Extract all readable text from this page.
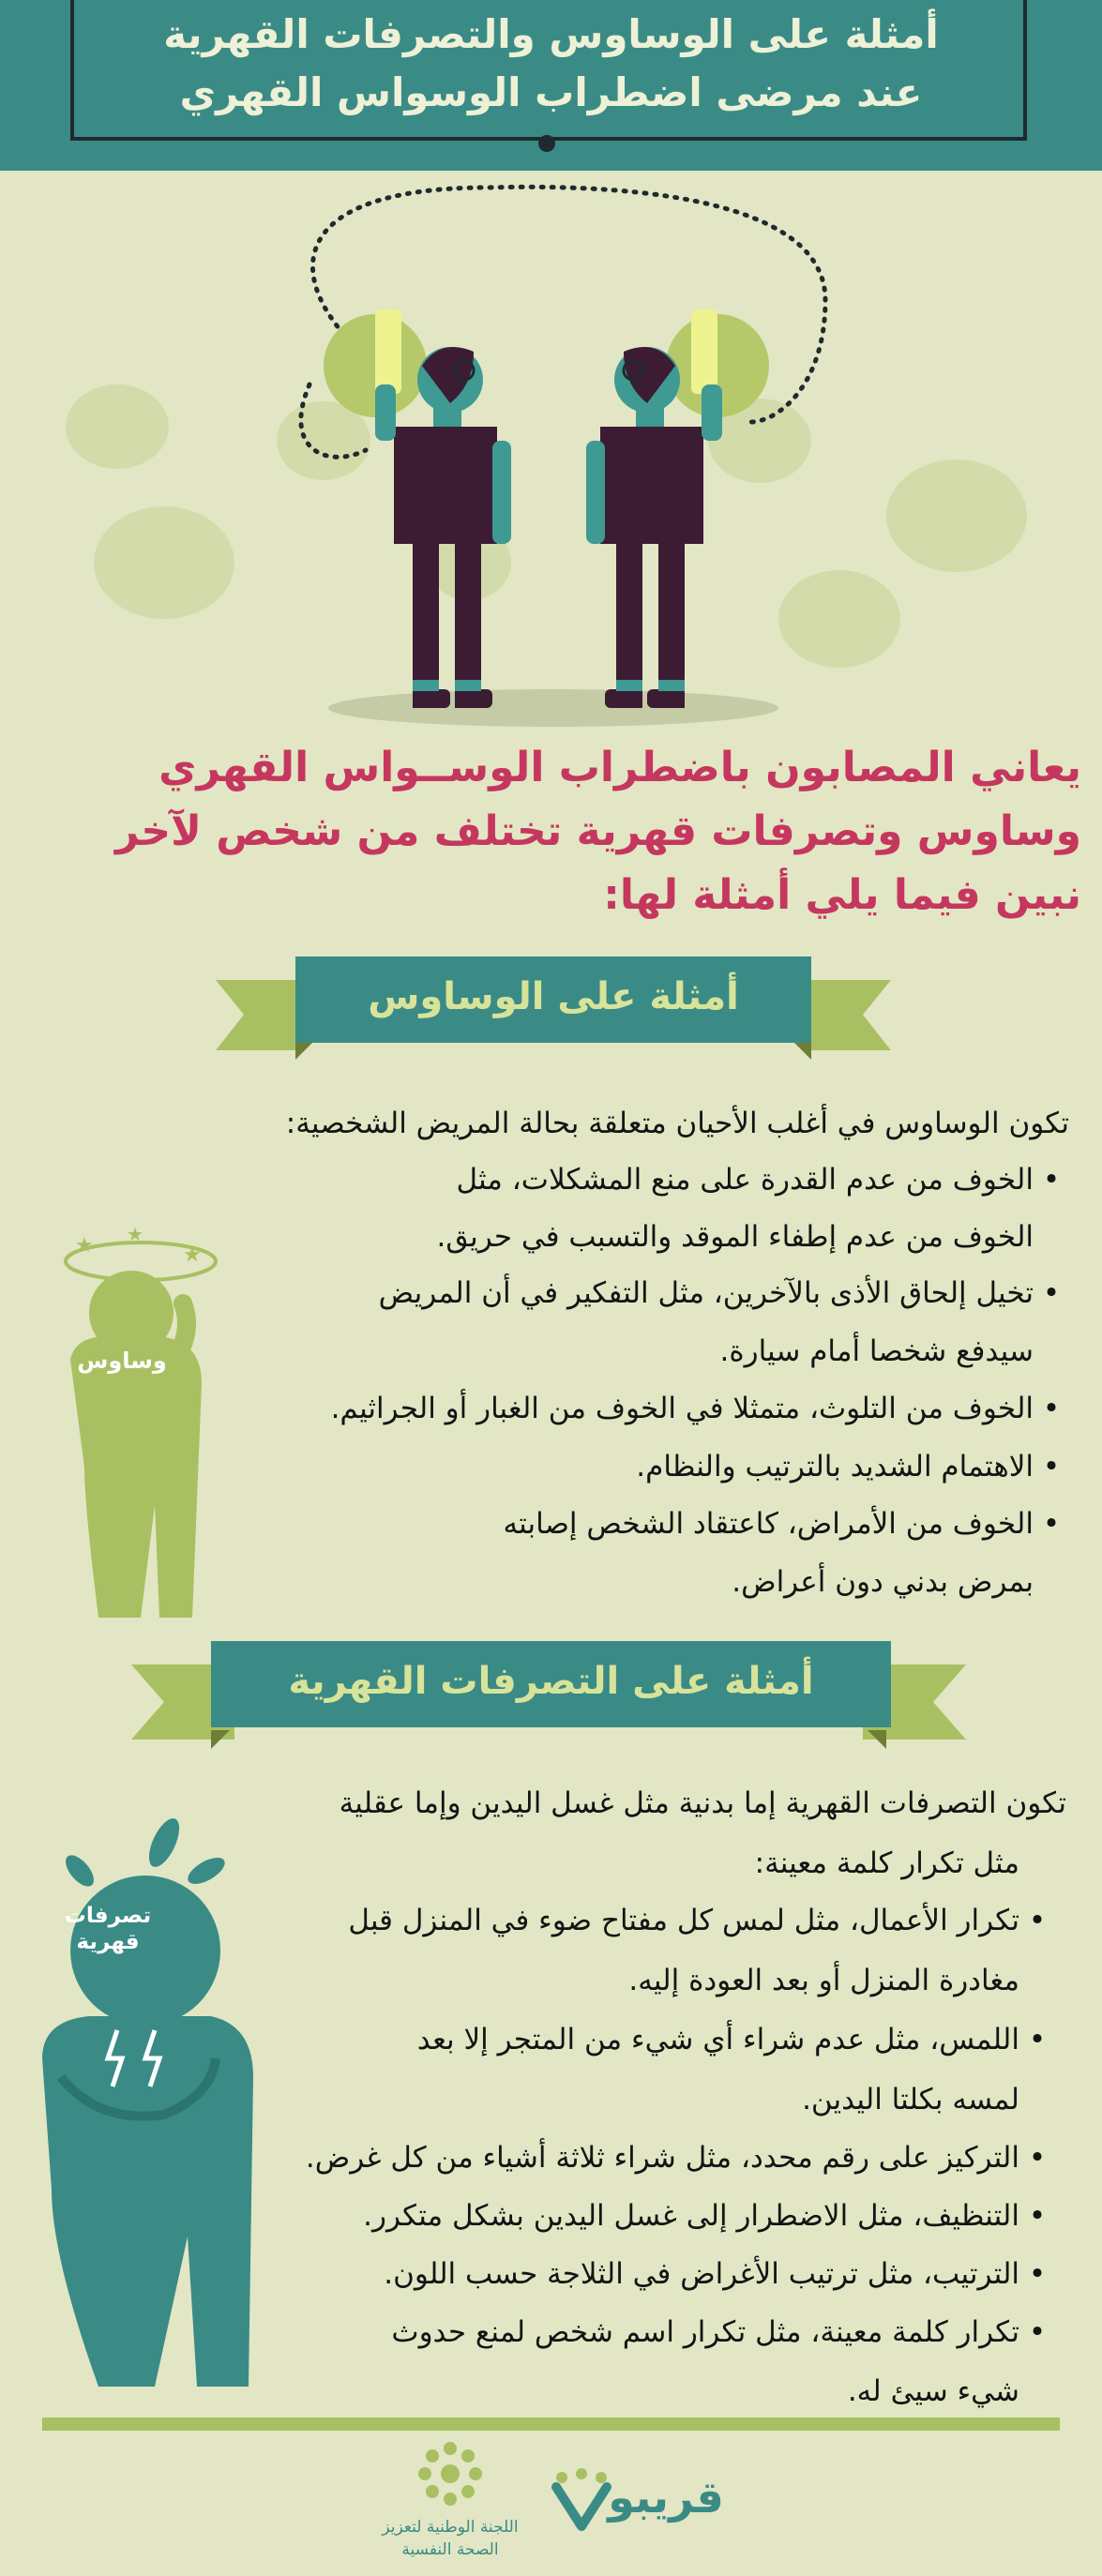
أمثلة على الوساوس والتصرفات القهرية
عند مرضى اضطراب الوسواس القهري
يعاني المصابون باضطراب الوســواس القهري
وساوس وتصرفات قهرية تختلف من شخص لآخر
نبين فيما يلي أمثلة لها:
أمثلة على الوساوس
★ ★
★
وساوس
تكون الوساوس في أغلب الأحيان متعلقة بحالة المريض الشخصية:
•الخوف من عدم القدرة على منع المشكلات، مثل
الخوف من عدم إطفاء الموقد والتسبب في حريق.
•تخيل إلحاق الأذى بالآخرين، مثل التفكير في أن المريض
سيدفع شخصا أمام سيارة.
•الخوف من التلوث، متمثلا في الخوف من الغبار أو الجراثيم.
•الاهتمام الشديد بالترتيب والنظام.
•الخوف من الأمراض، كاعتقاد الشخص إصابته
بمرض بدني دون أعراض.
أمثلة على التصرفات القهرية
تصرفات
قهرية
تكون التصرفات القهرية إما بدنية مثل غسل اليدين وإما عقلية
مثل تكرار كلمة معينة:
•تكرار الأعمال، مثل لمس كل مفتاح ضوء في المنزل قبل
مغادرة المنزل أو بعد العودة إليه.
•اللمس، مثل عدم شراء أي شيء من المتجر إلا بعد
لمسه بكلتا اليدين.
•التركيز على رقم محدد، مثل شراء ثلاثة أشياء من كل غرض.
•التنظيف، مثل الاضطرار إلى غسل اليدين بشكل متكرر.
•الترتيب، مثل ترتيب الأغراض في الثلاجة حسب اللون.
•تكرار كلمة معينة، مثل تكرار اسم شخص لمنع حدوث
شيء سيئ له.
اللجنة الوطنية لتعزيز
الصحة النفسية
قريبو
